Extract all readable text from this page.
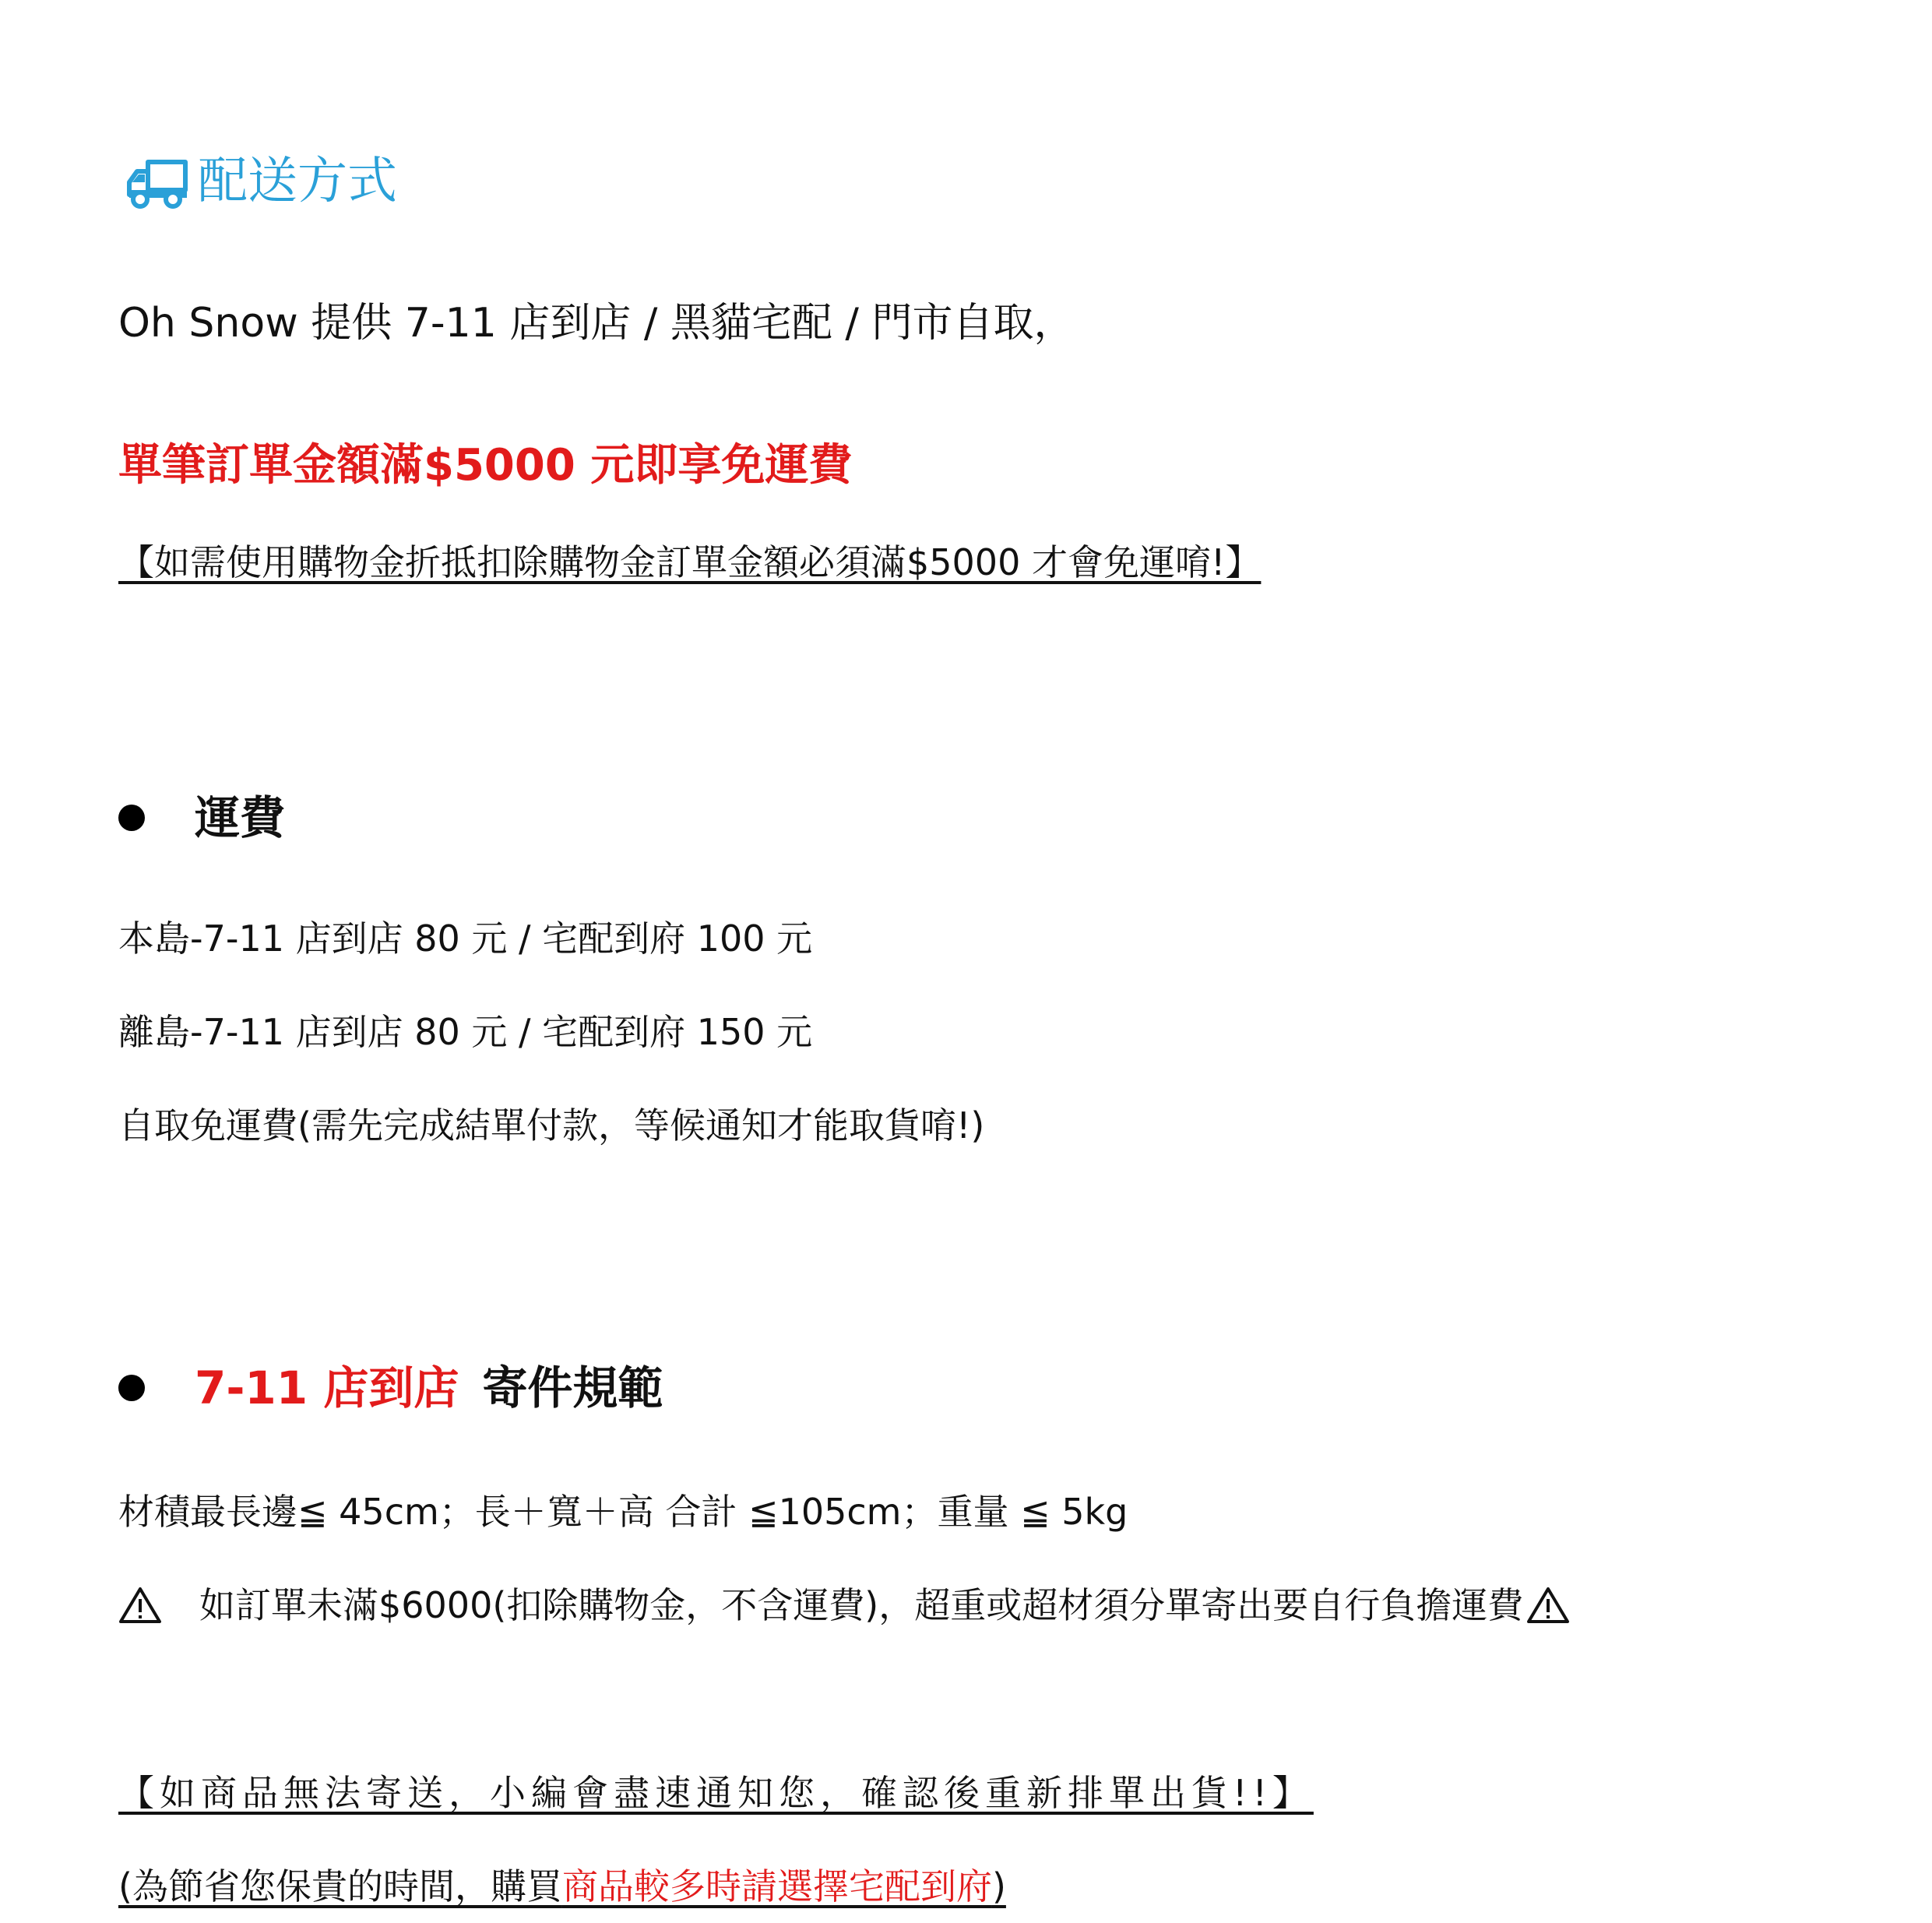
配送方式
Oh Snow 提供 7-11 店到店 / 黑貓宅配 / 門市自取，
單筆訂單金額滿$5000 元即享免運費
【如需使用購物金折抵扣除購物金訂單金額必須滿$5000 才會免運唷!】
運費
本島-7-11 店到店 80 元 / 宅配到府 100 元
離島-7-11 店到店 80 元 / 宅配到府 150 元
自取免運費(需先完成結單付款，等候通知才能取貨唷!)
7-11 店到店 寄件規範
材積最長邊≦ 45cm；長＋寬＋高 合計 ≦105cm；重量 ≦ 5kg
如訂單未滿$6000(扣除購物金，不含運費)，超重或超材須分單寄出要自行負擔運費
【如商品無法寄送，小編會盡速通知您，確認後重新排單出貨!!】
(為節省您保貴的時間，購買商品較多時請選擇宅配到府)
